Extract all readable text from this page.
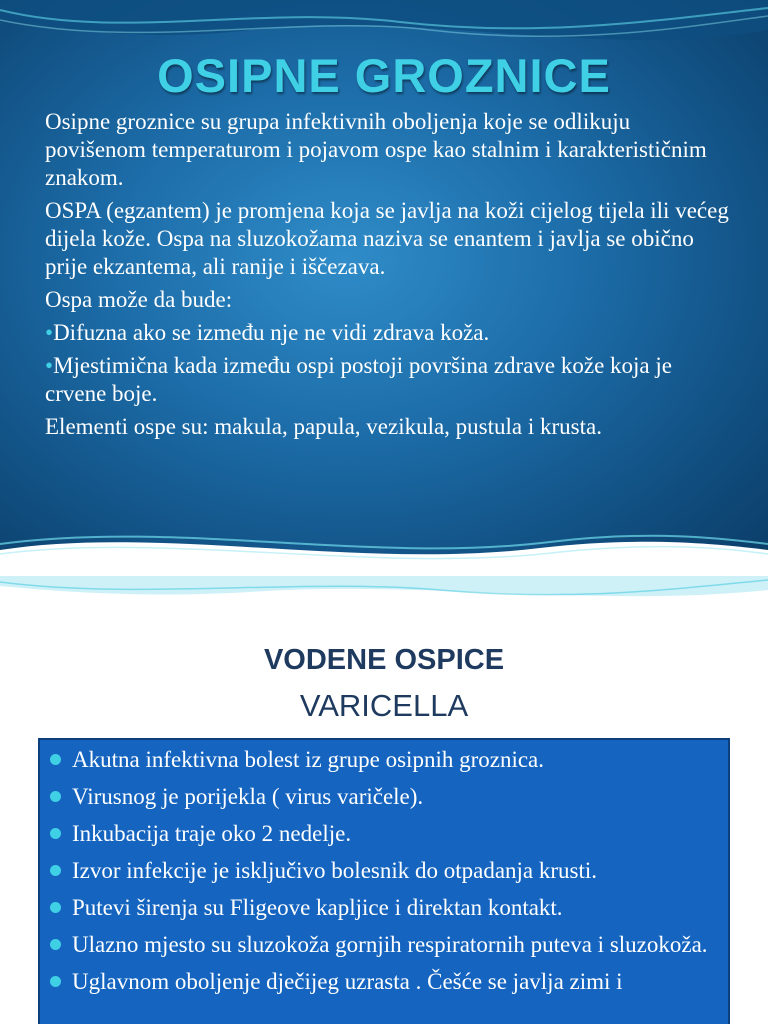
OSIPNE GROZNICE

Osipne groznice su grupa infektivnih oboljenja koje se odlikuju povišenom temperaturom i pojavom ospe kao stalnim i karakterističnim znakom.

OSPA (egzantem) je promjena koja se javlja na koži cijelog tijela ili većeg dijela kože. Ospa na sluzokožama naziva se enantem i javlja se obično prije ekzantema, ali ranije i iščezava.

Ospa može da bude:

•Difuzna ako se između nje ne vidi zdrava koža.

•Mjestimična kada između ospi postoji površina zdrave kože koja je crvene boje.

Elementi ospe su: makula, papula, vezikula, pustula i krusta.

VODENE OSPICE
VARICELLA
Akutna infektivna bolest iz grupe osipnih groznica.
Virusnog je porijekla ( virus varičele).
Inkubacija traje oko 2 nedelje.
Izvor infekcije je isključivo bolesnik do otpadanja krusti.
Putevi širenja su Fligeove kapljice i direktan kontakt.
Ulazno mjesto su sluzokoža gornjih respiratornih puteva i sluzokoža.
Uglavnom oboljenje dječijeg uzrasta . Češće se javlja zimi i
